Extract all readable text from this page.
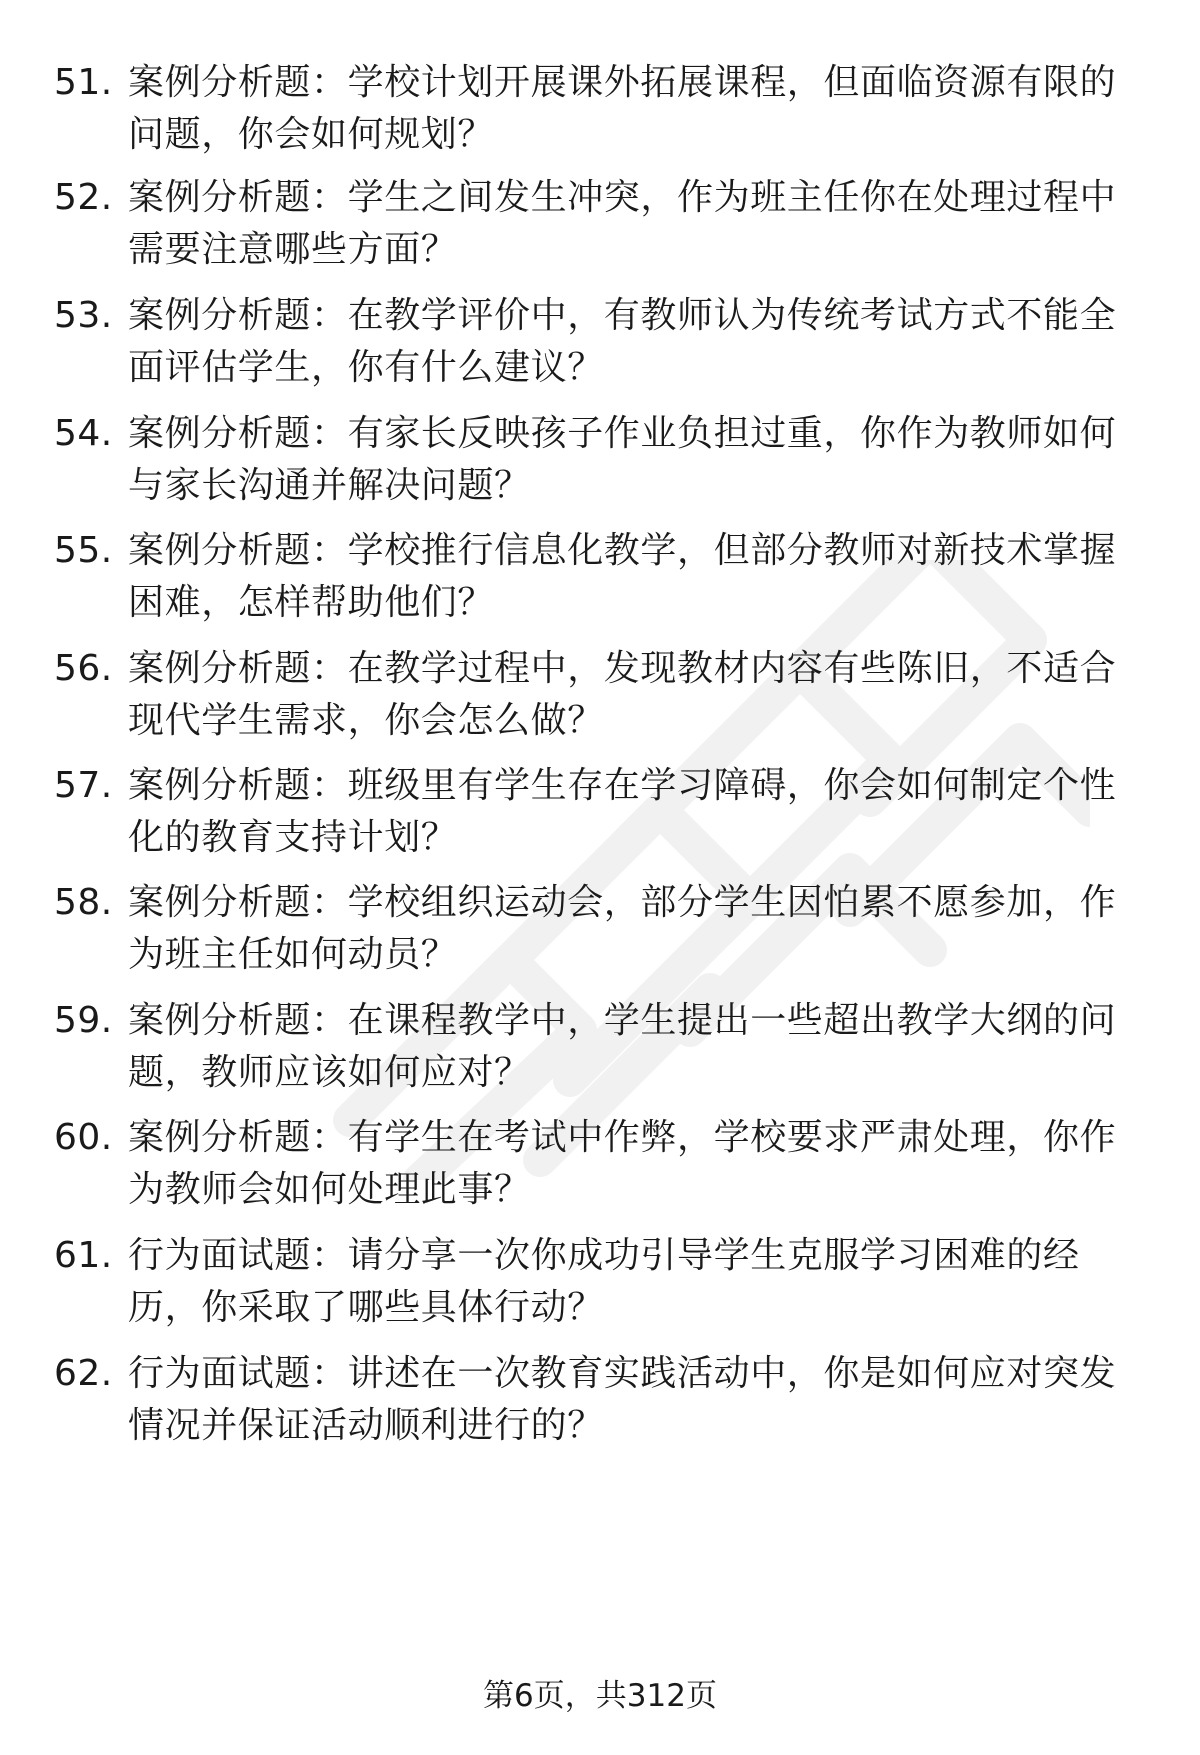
51. 案例分析题：学校计划开展课外拓展课程，但面临资源有限的问题，你会如何规划？
52. 案例分析题：学生之间发生冲突，作为班主任你在处理过程中需要注意哪些方面？
53. 案例分析题：在教学评价中，有教师认为传统考试方式不能全面评估学生，你有什么建议？
54. 案例分析题：有家长反映孩子作业负担过重，你作为教师如何与家长沟通并解决问题？
55. 案例分析题：学校推行信息化教学，但部分教师对新技术掌握困难，怎样帮助他们？
56. 案例分析题：在教学过程中，发现教材内容有些陈旧，不适合现代学生需求，你会怎么做？
57. 案例分析题：班级里有学生存在学习障碍，你会如何制定个性化的教育支持计划？
58. 案例分析题：学校组织运动会，部分学生因怕累不愿参加，作为班主任如何动员？
59. 案例分析题：在课程教学中，学生提出一些超出教学大纲的问题，教师应该如何应对？
60. 案例分析题：有学生在考试中作弊，学校要求严肃处理，你作为教师会如何处理此事？
61. 行为面试题：请分享一次你成功引导学生克服学习困难的经历，你采取了哪些具体行动？
62. 行为面试题：讲述在一次教育实践活动中，你是如何应对突发情况并保证活动顺利进行的？
第6页，共312页
